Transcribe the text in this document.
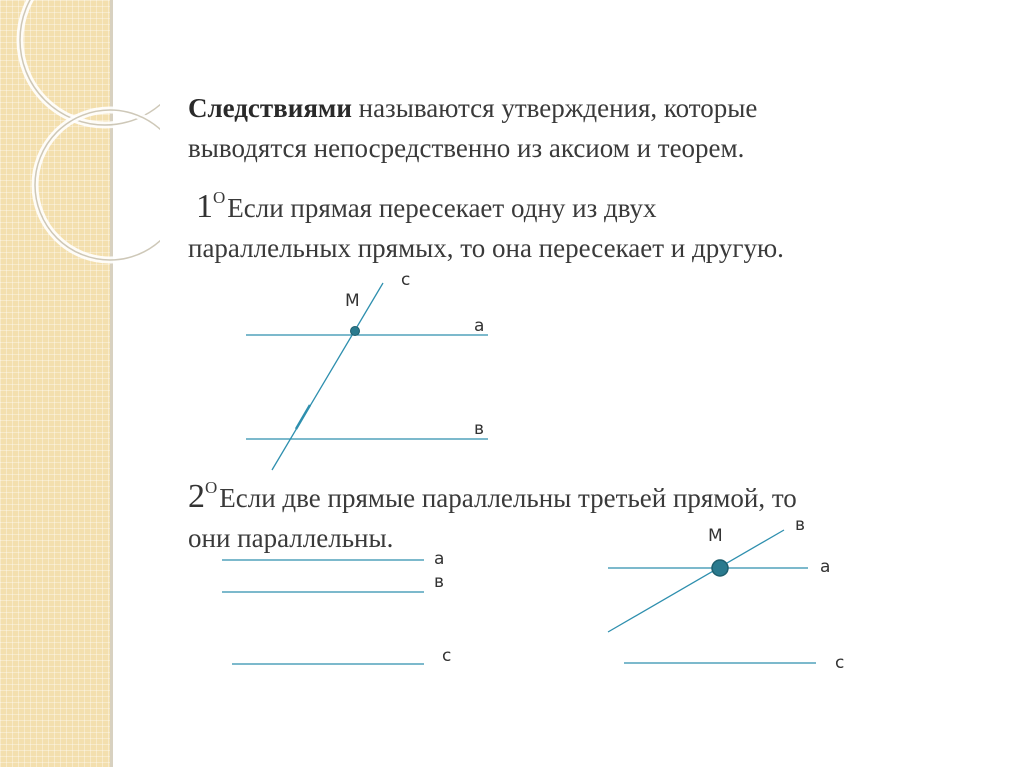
Следствиями называются утверждения, которые
выводятся непосредственно из аксиом и теорем.
$1^OЕсли$ прямая пересекает одну из двух
параллельных прямых, то она пересекает и другую.
$2^OЕсли$ две прямые параллельны третьей прямой, то
они параллельны.
с
М
а
в
а
в
с
М
в
а
с
